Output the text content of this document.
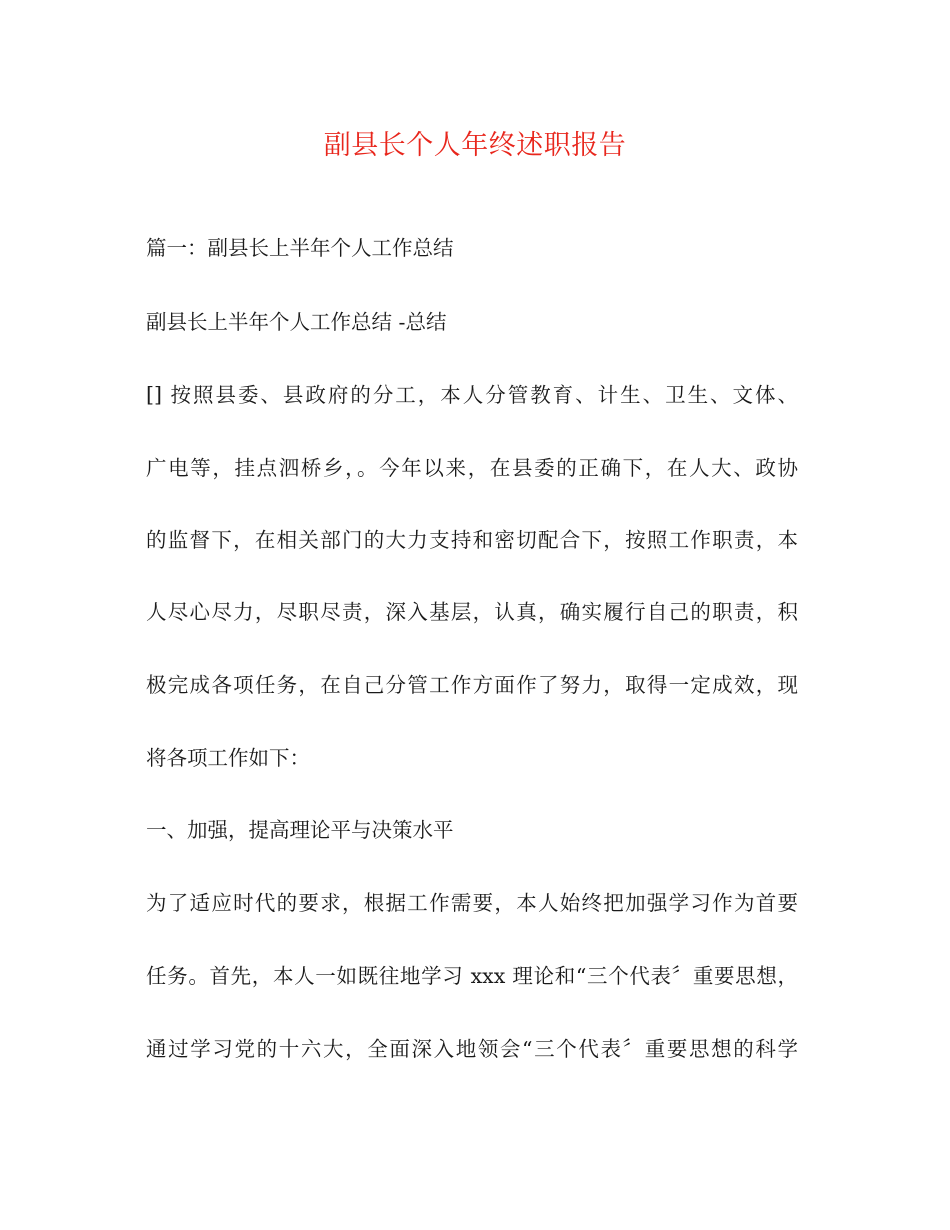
副县长个人年终述职报告
篇一：副县长上半年个人工作总结
副县长上半年个人工作总结 -总结
[] 按照县委、县政府的分工，本人分管教育、计生、卫生、文体、
广电等，挂点泗桥乡，。今年以来，在县委的正确下，在人大、政协
的监督下，在相关部门的大力支持和密切配合下，按照工作职责，本
人尽心尽力，尽职尽责，深入基层，认真，确实履行自己的职责，积
极完成各项任务，在自己分管工作方面作了努力，取得一定成效，现
将各项工作如下：
一、加强，提高理论平与决策水平
为了适应时代的要求，根据工作需要，本人始终把加强学习作为首要
任务。首先，本人一如既往地学习 xxx 理论和“三个代表〞重要思想，
通过学习党的十六大，全面深入地领会“三个代表〞重要思想的科学
